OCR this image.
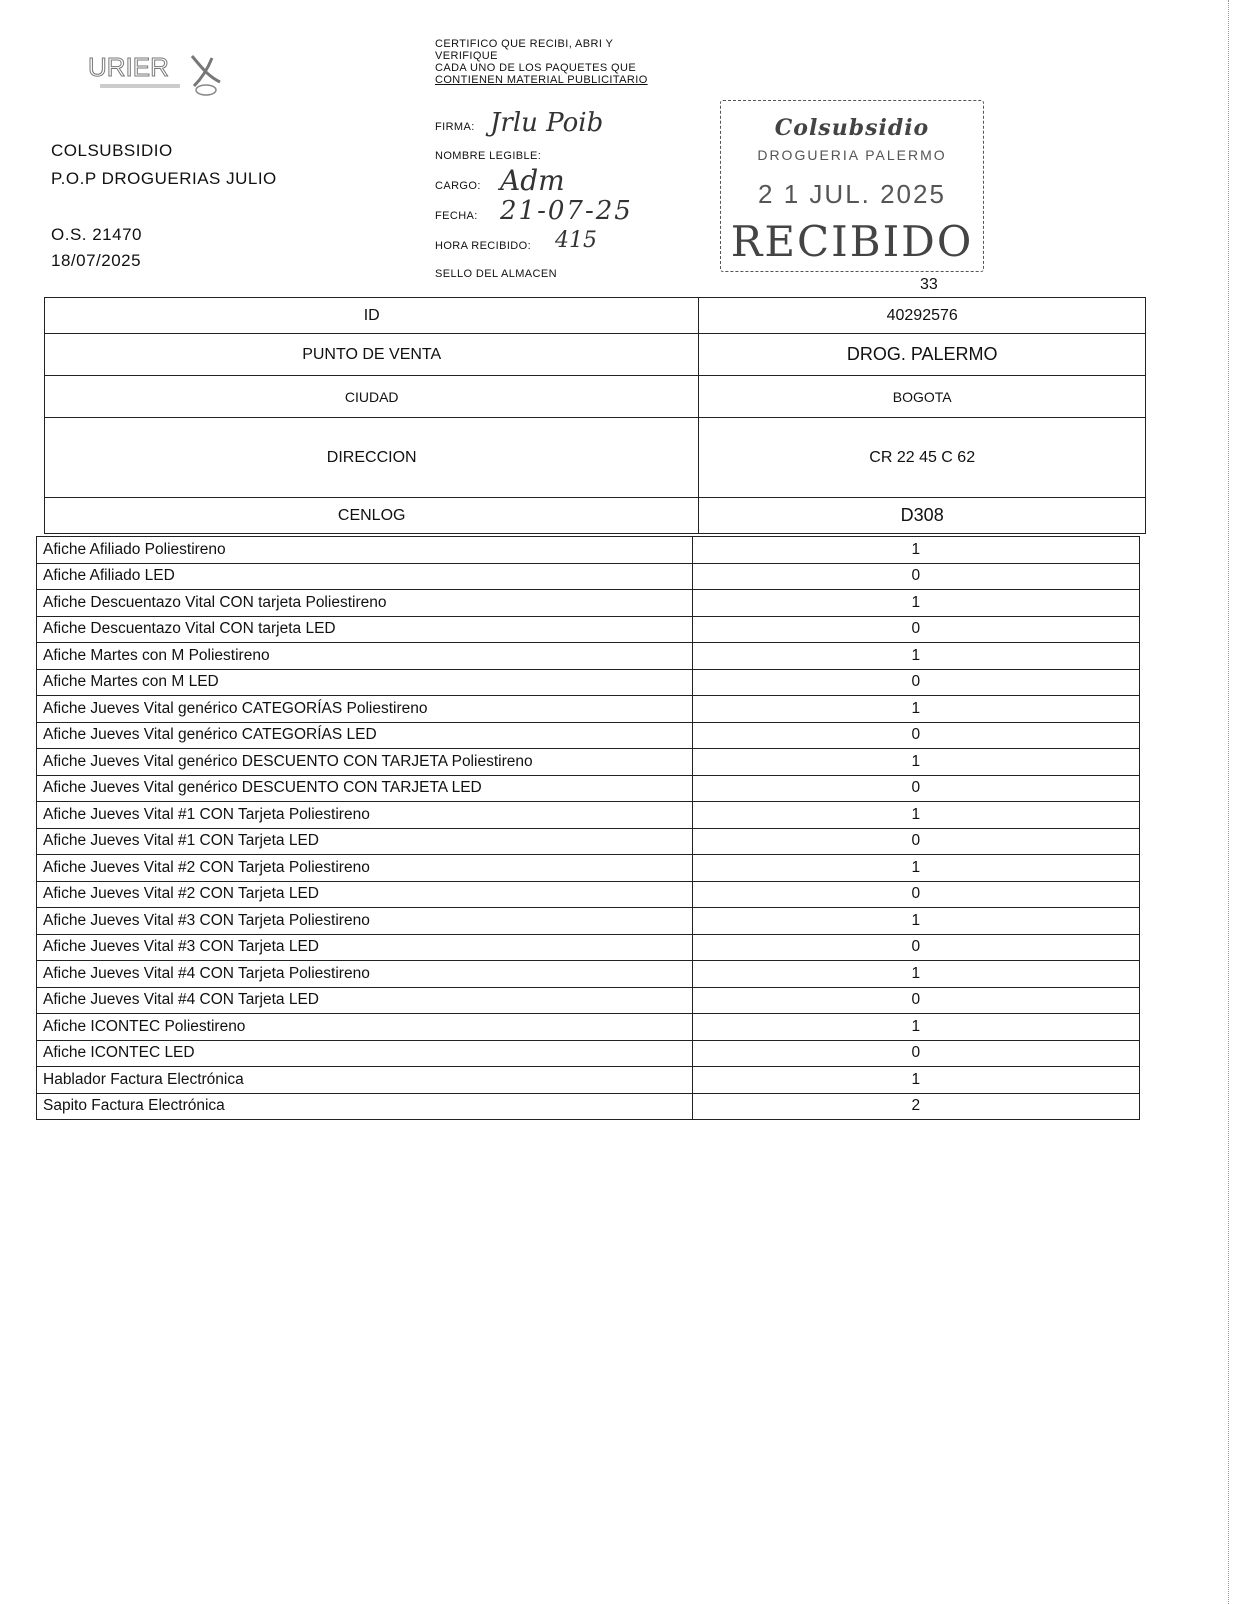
URIER
COLSUBSIDIO
P.O.P DROGUERIAS JULIO
O.S. 21470
18/07/2025
CERTIFICO QUE RECIBI, ABRI Y
VERIFIQUE
CADA UNO DE LOS PAQUETES QUE
CONTIENEN MATERIAL PUBLICITARIO
FIRMA: Jrlu Poib
NOMBRE LEGIBLE:
CARGO: Adm
FECHA: 21-07-25
HORA RECIBIDO: 415
SELLO DEL ALMACEN
Colsubsidio
DROGUERIA PALERMO
2 1 JUL. 2025
RECIBIDO
33
ID	40292576
PUNTO DE VENTA	DROG. PALERMO
CIUDAD	BOGOTA
DIRECCION	CR 22 45 C 62
CENLOG	D308
Afiche Afiliado Poliestireno	1
Afiche Afiliado LED	0
Afiche Descuentazo Vital CON tarjeta Poliestireno	1
Afiche Descuentazo Vital CON tarjeta LED	0
Afiche Martes con M Poliestireno	1
Afiche Martes con M LED	0
Afiche Jueves Vital genérico CATEGORÍAS Poliestireno	1
Afiche Jueves Vital genérico CATEGORÍAS LED	0
Afiche Jueves Vital genérico DESCUENTO CON TARJETA Poliestireno	1
Afiche Jueves Vital genérico DESCUENTO CON TARJETA LED	0
Afiche Jueves Vital #1 CON Tarjeta Poliestireno	1
Afiche Jueves Vital #1 CON Tarjeta LED	0
Afiche Jueves Vital #2 CON Tarjeta Poliestireno	1
Afiche Jueves Vital #2 CON Tarjeta LED	0
Afiche Jueves Vital #3 CON Tarjeta Poliestireno	1
Afiche Jueves Vital #3 CON Tarjeta LED	0
Afiche Jueves Vital #4 CON Tarjeta Poliestireno	1
Afiche Jueves Vital #4 CON Tarjeta LED	0
Afiche ICONTEC Poliestireno	1
Afiche ICONTEC LED	0
Hablador Factura Electrónica	1
Sapito Factura Electrónica	2
